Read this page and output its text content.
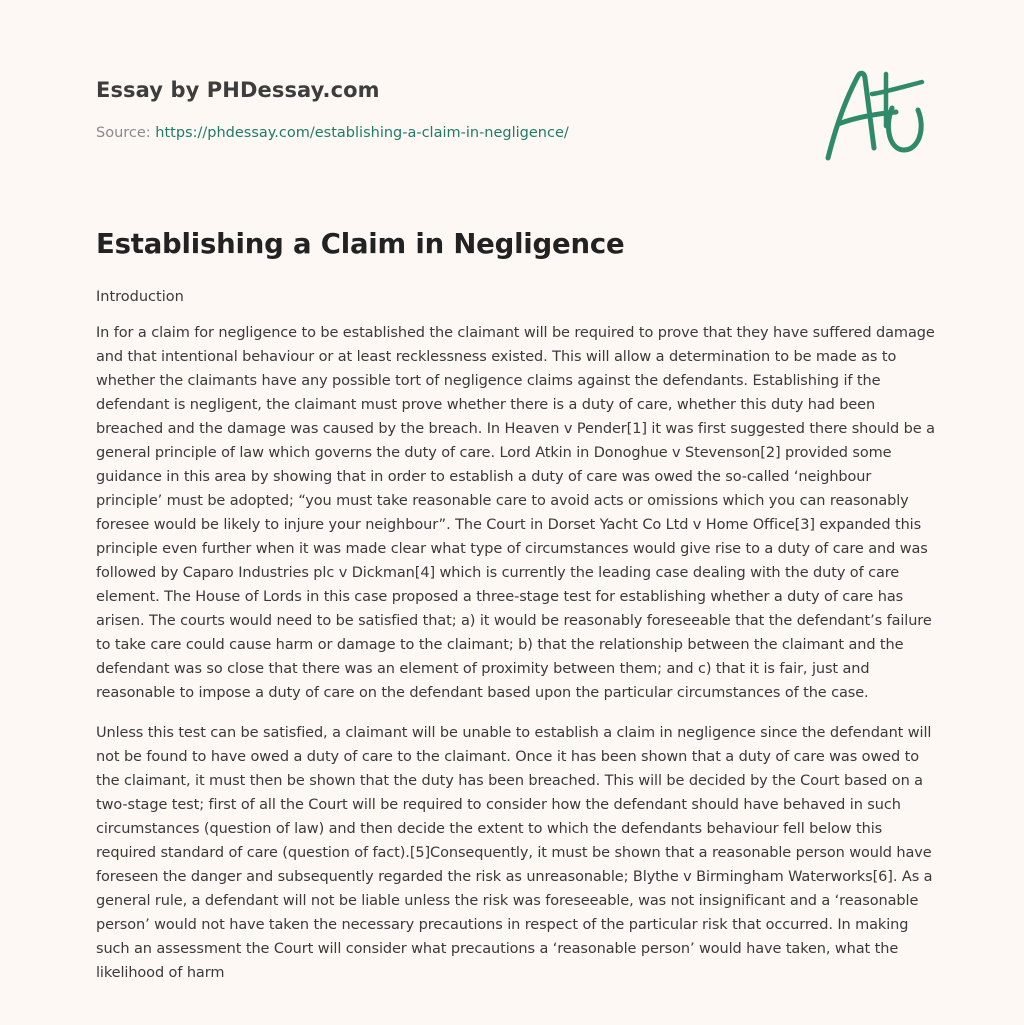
Essay by PHDessay.com
Source: https://phdessay.com/establishing-a-claim-in-negligence/
Establishing a Claim in Negligence
Introduction

In for a claim for negligence to be established the claimant will be required to prove that they have suffered damage and that intentional behaviour or at least recklessness existed. This will allow a determination to be made as to whether the claimants have any possible tort of negligence claims against the defendants. Establishing if the defendant is negligent, the claimant must prove whether there is a duty of care, whether this duty had been breached and the damage was caused by the breach. In Heaven v Pender[1] it was first suggested there should be a general principle of law which governs the duty of care. Lord Atkin in Donoghue v Stevenson[2] provided some guidance in this area by showing that in order to establish a duty of care was owed the so-called ‘neighbour principle’ must be adopted; “you must take reasonable care to avoid acts or omissions which you can reasonably foresee would be likely to injure your neighbour”. The Court in Dorset Yacht Co Ltd v Home Office[3] expanded this principle even further when it was made clear what type of circumstances would give rise to a duty of care and was followed by Caparo Industries plc v Dickman[4] which is currently the leading case dealing with the duty of care element. The House of Lords in this case proposed a three-stage test for establishing whether a duty of care has arisen. The courts would need to be satisfied that; a) it would be reasonably foreseeable that the defendant’s failure to take care could cause harm or damage to the claimant; b) that the relationship between the claimant and the defendant was so close that there was an element of proximity between them; and c) that it is fair, just and reasonable to impose a duty of care on the defendant based upon the particular circumstances of the case.

Unless this test can be satisfied, a claimant will be unable to establish a claim in negligence since the defendant will not be found to have owed a duty of care to the claimant. Once it has been shown that a duty of care was owed to the claimant, it must then be shown that the duty has been breached. This will be decided by the Court based on a two-stage test; first of all the Court will be required to consider how the defendant should have behaved in such circumstances (question of law) and then decide the extent to which the defendants behaviour fell below this required standard of care (question of fact).[5]Consequently, it must be shown that a reasonable person would have foreseen the danger and subsequently regarded the risk as unreasonable; Blythe v Birmingham Waterworks[6]. As a general rule, a defendant will not be liable unless the risk was foreseeable, was not insignificant and a ‘reasonable person’ would not have taken the necessary precautions in respect of the particular risk that occurred. In making such an assessment the Court will consider what precautions a ‘reasonable person’ would have taken, what the likelihood of harm
